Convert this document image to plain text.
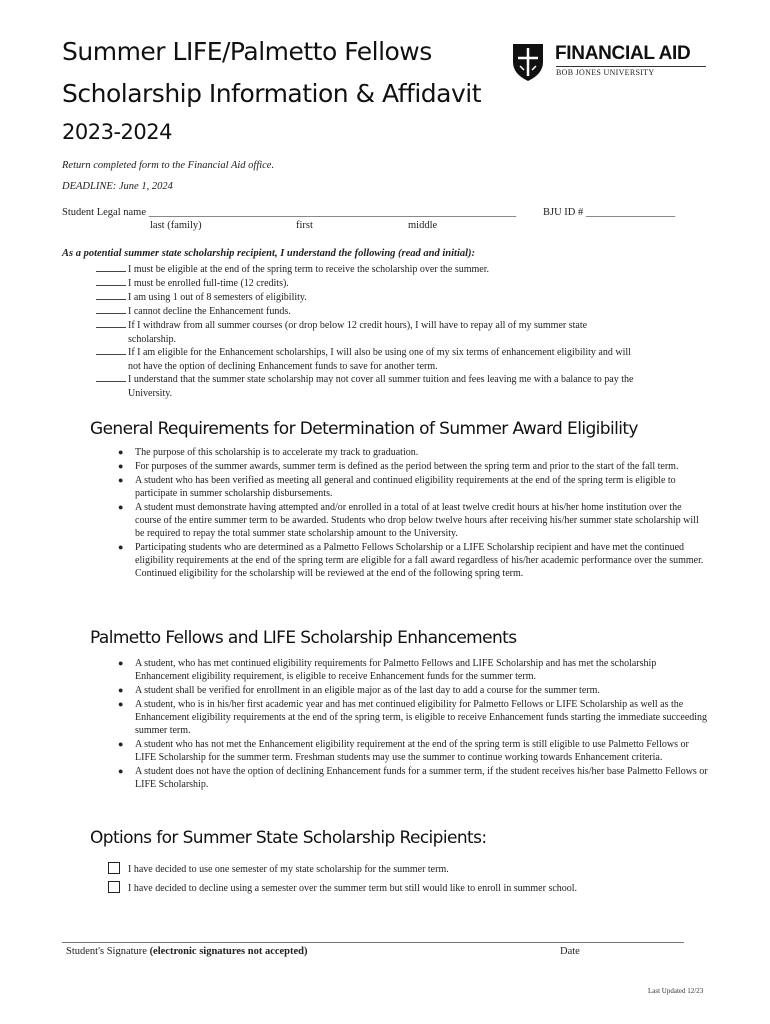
Summer LIFE/Palmetto Fellows
Scholarship Information & Affidavit
2023-2024
FINANCIAL AID
BOB JONES UNIVERSITY
Return completed form to the Financial Aid office.
DEADLINE: June 1, 2024
Student Legal name ______________________________________________________________________	BJU ID # _________________
last (family)	first	middle
As a potential summer state scholarship recipient, I understand the following (read and initial):
I must be eligible at the end of the spring term to receive the scholarship over the summer.
I must be enrolled full-time (12 credits).
I am using 1 out of 8 semesters of eligibility.
I cannot decline the Enhancement funds.
If I withdraw from all summer courses (or drop below 12 credit hours), I will have to repay all of my summer state
scholarship.
If I am eligible for the Enhancement scholarships, I will also be using one of my six terms of enhancement eligibility and will
not have the option of declining Enhancement funds to save for another term.
I understand that the summer state scholarship may not cover all summer tuition and fees leaving me with a balance to pay the
University.
General Requirements for Determination of Summer Award Eligibility
● The purpose of this scholarship is to accelerate my track to graduation.
● For purposes of the summer awards, summer term is defined as the period between the spring term and prior to the start of the fall term.
● A student who has been verified as meeting all general and continued eligibility requirements at the end of the spring term is eligible to participate in summer scholarship disbursements.
● A student must demonstrate having attempted and/or enrolled in a total of at least twelve credit hours at his/her home institution over the course of the entire summer term to be awarded. Students who drop below twelve hours after receiving his/her summer state scholarship will be required to repay the total summer state scholarship amount to the University.
● Participating students who are determined as a Palmetto Fellows Scholarship or a LIFE Scholarship recipient and have met the continued eligibility requirements at the end of the spring term are eligible for a fall award regardless of his/her academic performance over the summer. Continued eligibility for the scholarship will be reviewed at the end of the following spring term.
Palmetto Fellows and LIFE Scholarship Enhancements
● A student, who has met continued eligibility requirements for Palmetto Fellows and LIFE Scholarship and has met the scholarship Enhancement eligibility requirement, is eligible to receive Enhancement funds for the summer term.
● A student shall be verified for enrollment in an eligible major as of the last day to add a course for the summer term.
● A student, who is in his/her first academic year and has met continued eligibility for Palmetto Fellows or LIFE Scholarship as well as the Enhancement eligibility requirements at the end of the spring term, is eligible to receive Enhancement funds starting the immediate succeeding summer term.
● A student who has not met the Enhancement eligibility requirement at the end of the spring term is still eligible to use Palmetto Fellows or LIFE Scholarship for the summer term. Freshman students may use the summer to continue working towards Enhancement criteria.
● A student does not have the option of declining Enhancement funds for a summer term, if the student receives his/her base Palmetto Fellows or LIFE Scholarship.
Options for Summer State Scholarship Recipients:
I have decided to use one semester of my state scholarship for the summer term.
I have decided to decline using a semester over the summer term but still would like to enroll in summer school.
Student's Signature (electronic signatures not accepted)	Date
Last Updated 12/23
